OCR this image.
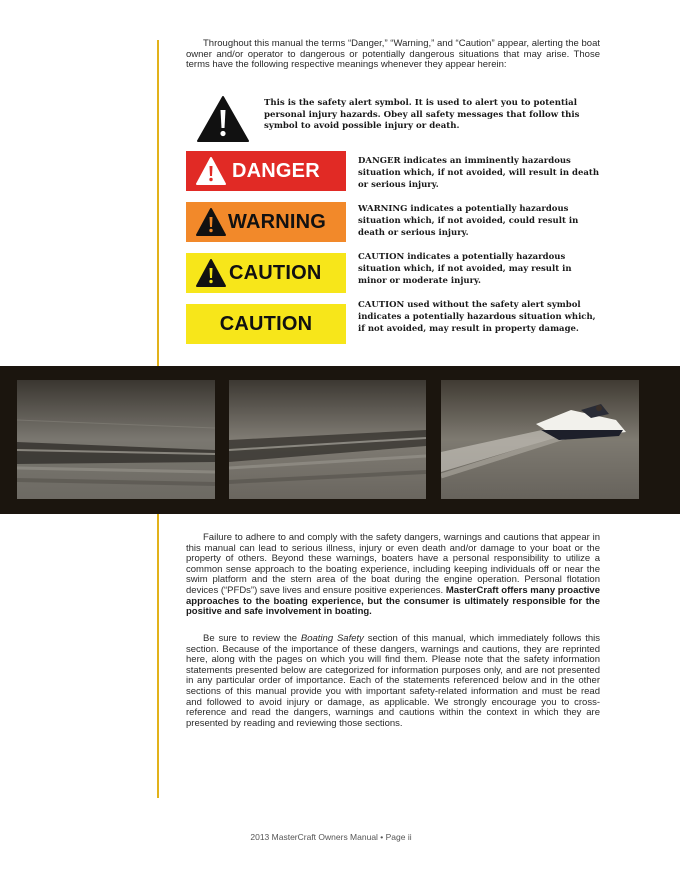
Throughout this manual the terms “Danger,” “Warning,” and “Caution” appear, alerting the boat owner and/or operator to dangerous or potentially dangerous situations that may arise. Those terms have the following respective meanings whenever they appear herein:

This is the safety alert symbol. It is used to alert you to potential personal injury hazards. Obey all safety messages that follow this symbol to avoid possible injury or death.
DANGER	DANGER indicates an imminently hazardous situation which, if not avoided, will result in death or serious injury.
WARNING
WARNING indicates a potentially hazardous situation which, if not avoided, could result in death or serious injury.
CAUTION
CAUTION indicates a potentially hazardous situation which, if not avoided, may result in minor or moderate injury.
CAUTION
CAUTION used without the safety alert symbol indicates a potentially hazardous situation which, if not avoided, may result in property damage.

Failure to adhere to and comply with the safety dangers, warnings and cautions that appear in this manual can lead to serious illness, injury or even death and/or damage to your boat or the property of others. Beyond these warnings, boaters have a personal responsibility to utilize a common sense approach to the boating experience, including keeping individuals off or near the swim platform and the stern area of the boat during the engine operation. Personal flotation devices (“PFDs”) save lives and ensure positive experiences. MasterCraft offers many proactive approaches to the boating experience, but the consumer is ultimately responsible for the positive and safe involvement in boating.

Be sure to review the Boating Safety section of this manual, which immediately follows this section. Because of the importance of these dangers, warnings and cautions, they are reprinted here, along with the pages on which you will find them. Please note that the safety information statements presented below are categorized for information purposes only, and are not presented in any particular order of importance. Each of the statements referenced below and in the other sections of this manual provide you with important safety-related information and must be read and followed to avoid injury or damage, as applicable. We strongly encourage you to cross-reference and read the dangers, warnings and cautions within the context in which they are presented by reading and reviewing those sections.

2013 MasterCraft Owners Manual • Page ii
